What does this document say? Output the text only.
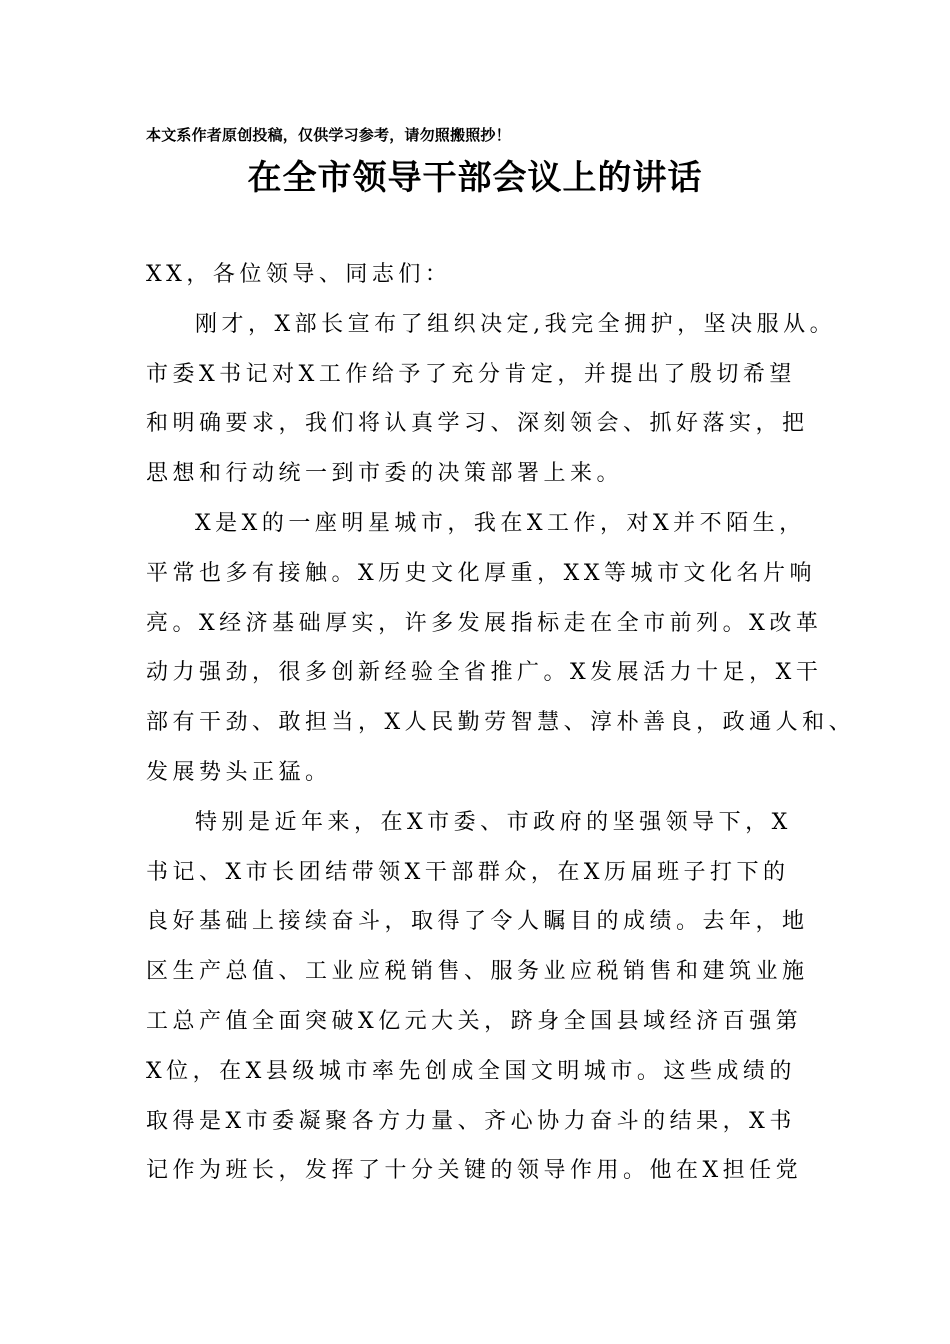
本文系作者原创投稿，仅供学习参考，请勿照搬照抄！
在全市领导干部会议上的讲话
XX，各位领导、同志们：
刚才，X部长宣布了组织决定,我完全拥护，坚决服从。
市委X书记对X工作给予了充分肯定，并提出了殷切希望
和明确要求，我们将认真学习、深刻领会、抓好落实，把
思想和行动统一到市委的决策部署上来。
X是X的一座明星城市，我在X工作，对X并不陌生，
平常也多有接触。X历史文化厚重，XX等城市文化名片响
亮。X经济基础厚实，许多发展指标走在全市前列。X改革
动力强劲，很多创新经验全省推广。X发展活力十足，X干
部有干劲、敢担当，X人民勤劳智慧、淳朴善良，政通人和、
发展势头正猛。
特别是近年来，在X市委、市政府的坚强领导下，X
书记、X市长团结带领X干部群众，在X历届班子打下的
良好基础上接续奋斗，取得了令人瞩目的成绩。去年，地
区生产总值、工业应税销售、服务业应税销售和建筑业施
工总产值全面突破X亿元大关，跻身全国县域经济百强第
X位，在X县级城市率先创成全国文明城市。这些成绩的
取得是X市委凝聚各方力量、齐心协力奋斗的结果，X书
记作为班长，发挥了十分关键的领导作用。他在X担任党
